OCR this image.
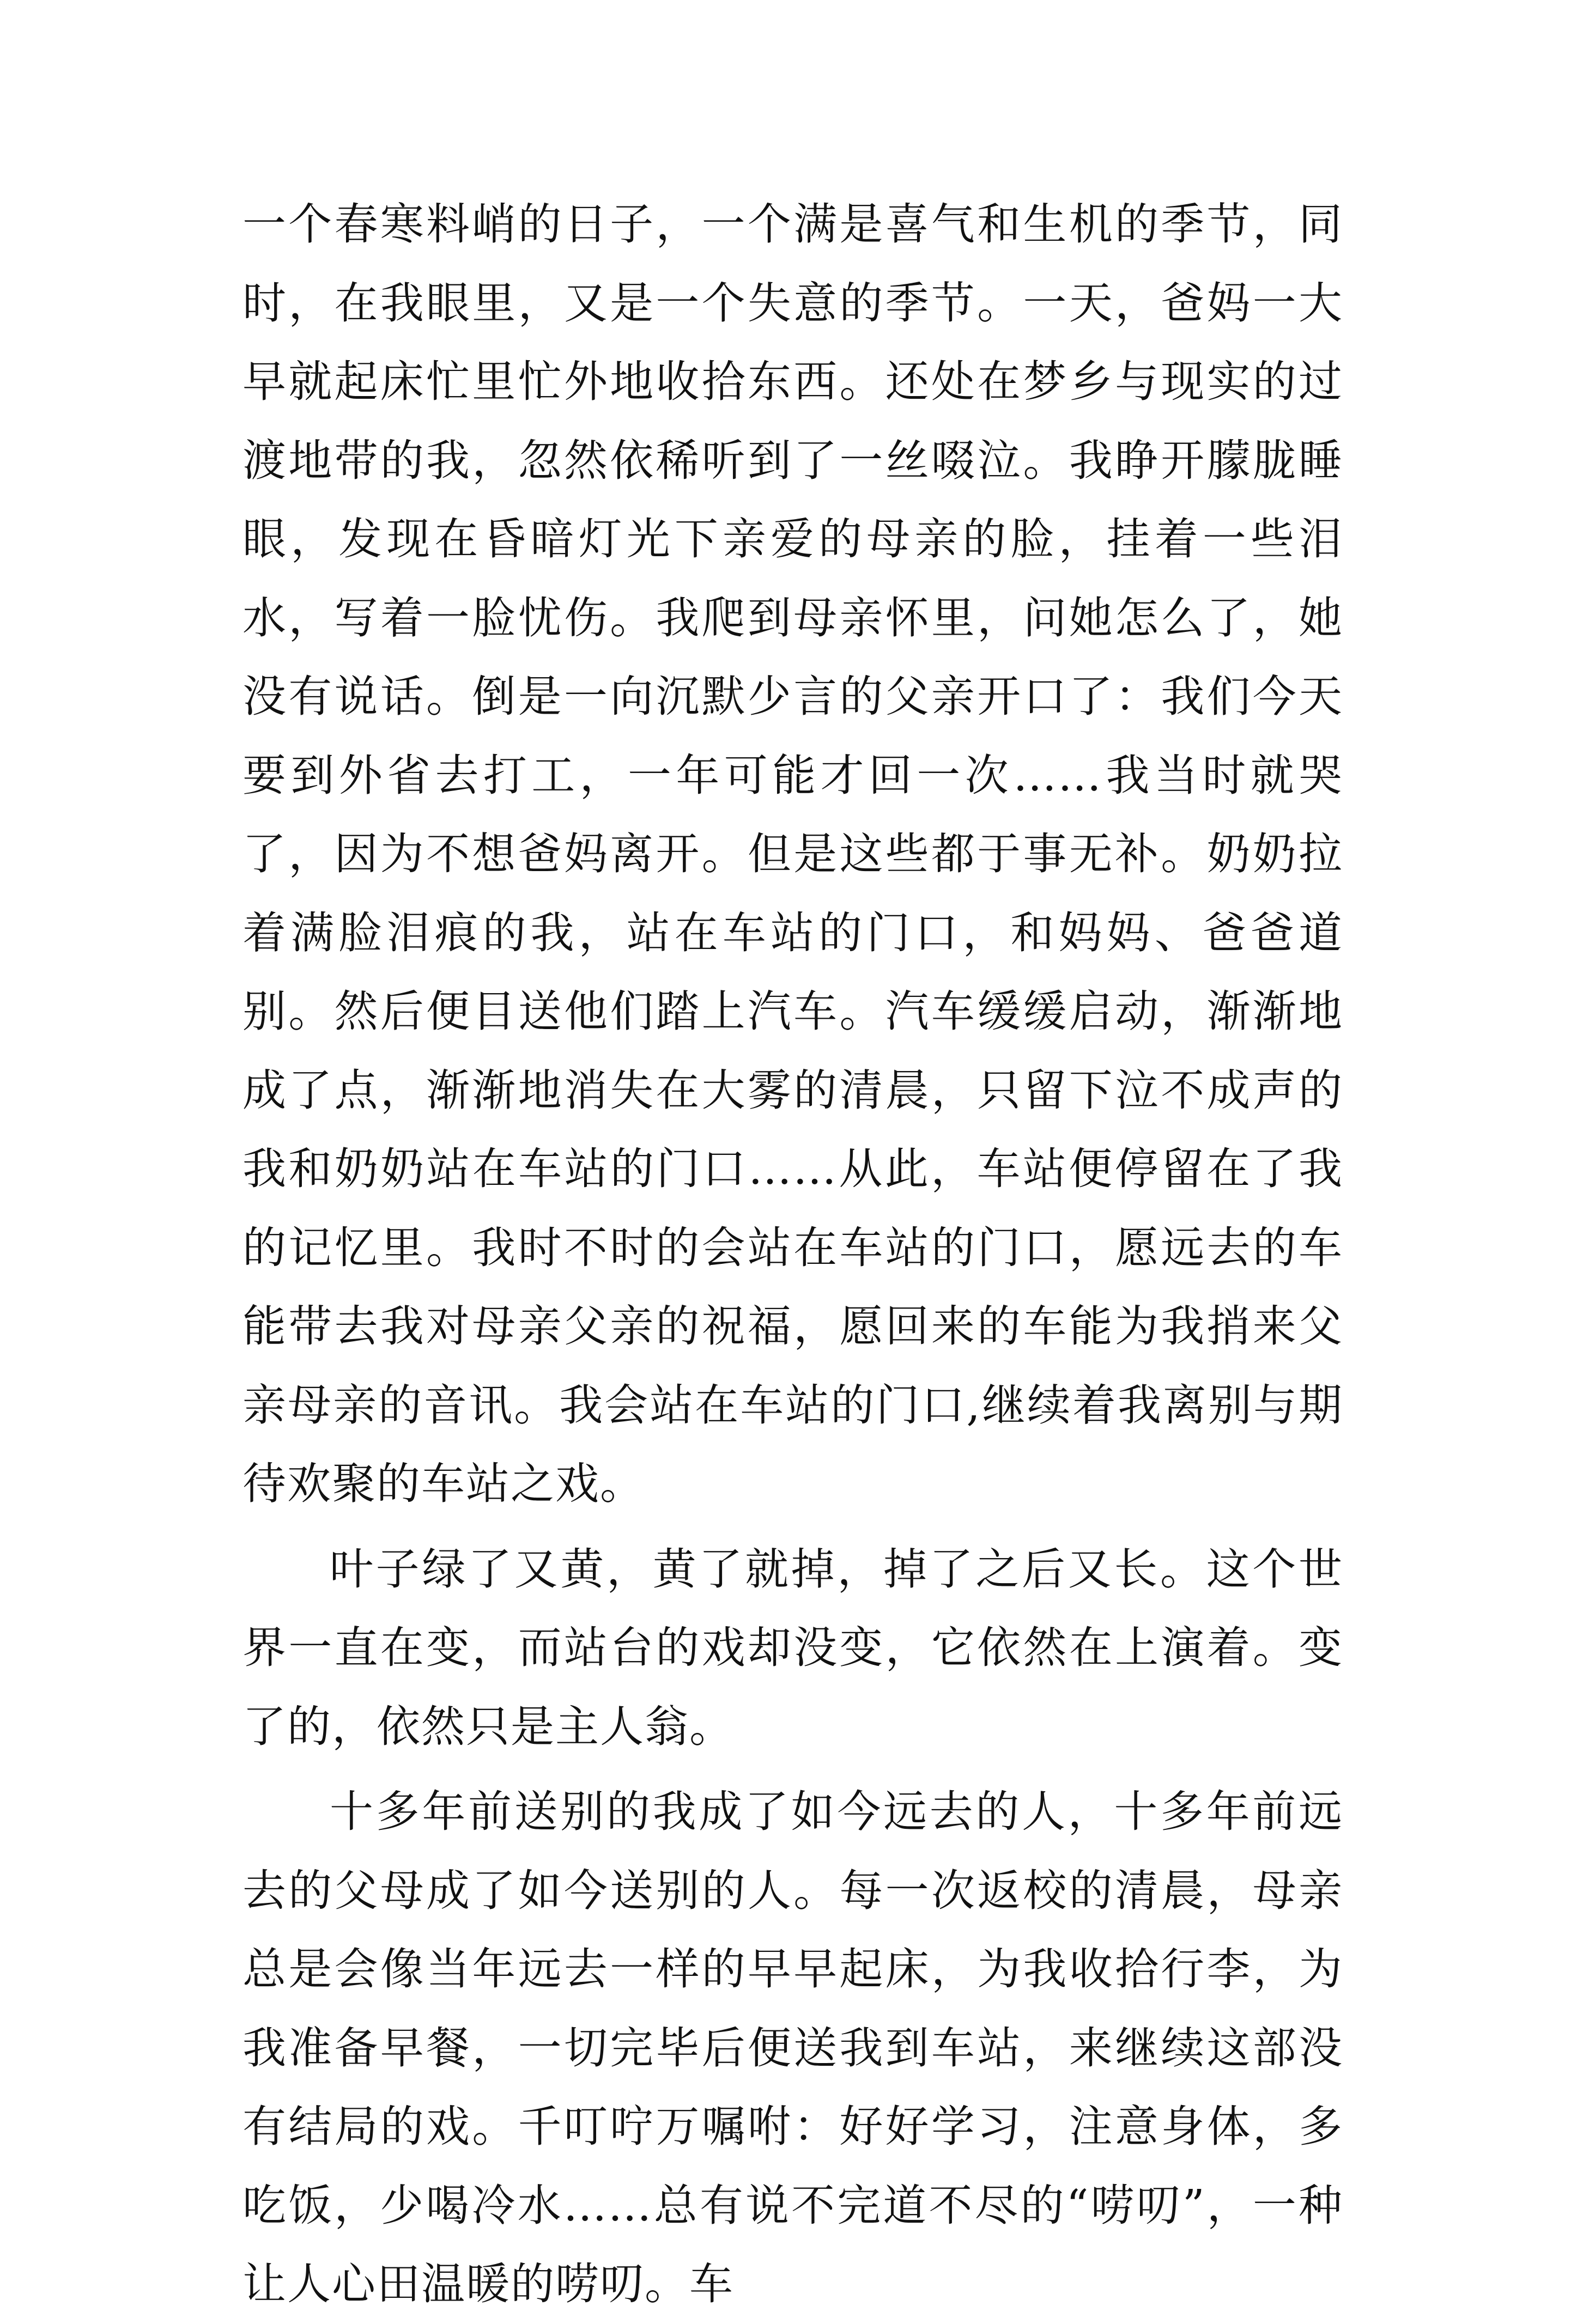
一个春寒料峭的日子，一个满是喜气和生机的季节，同时，在我眼里，又是一个失意的季节。一天，爸妈一大早就起床忙里忙外地收拾东西。还处在梦乡与现实的过渡地带的我，忽然依稀听到了一丝啜泣。我睁开朦胧睡眼，发现在昏暗灯光下亲爱的母亲的脸，挂着一些泪水，写着一脸忧伤。我爬到母亲怀里，问她怎么了，她没有说话。倒是一向沉默少言的父亲开口了：我们今天要到外省去打工，一年可能才回一次……我当时就哭了，因为不想爸妈离开。但是这些都于事无补。奶奶拉着满脸泪痕的我，站在车站的门口，和妈妈、爸爸道别。然后便目送他们踏上汽车。汽车缓缓启动，渐渐地成了点，渐渐地消失在大雾的清晨，只留下泣不成声的我和奶奶站在车站的门口……从此，车站便停留在了我的记忆里。我时不时的会站在车站的门口，愿远去的车能带去我对母亲父亲的祝福，愿回来的车能为我捎来父亲母亲的音讯。我会站在车站的门口,继续着我离别与期待欢聚的车站之戏。

叶子绿了又黄，黄了就掉，掉了之后又长。这个世界一直在变，而站台的戏却没变，它依然在上演着。变了的，依然只是主人翁。

十多年前送别的我成了如今远去的人，十多年前远去的父母成了如今送别的人。每一次返校的清晨，母亲总是会像当年远去一样的早早起床，为我收拾行李，为我准备早餐，一切完毕后便送我到车站，来继续这部没有结局的戏。千叮咛万嘱咐：好好学习，注意身体，多吃饭，少喝冷水……总有说不完道不尽的“唠叨”，一种让人心田温暖的唠叨。车
